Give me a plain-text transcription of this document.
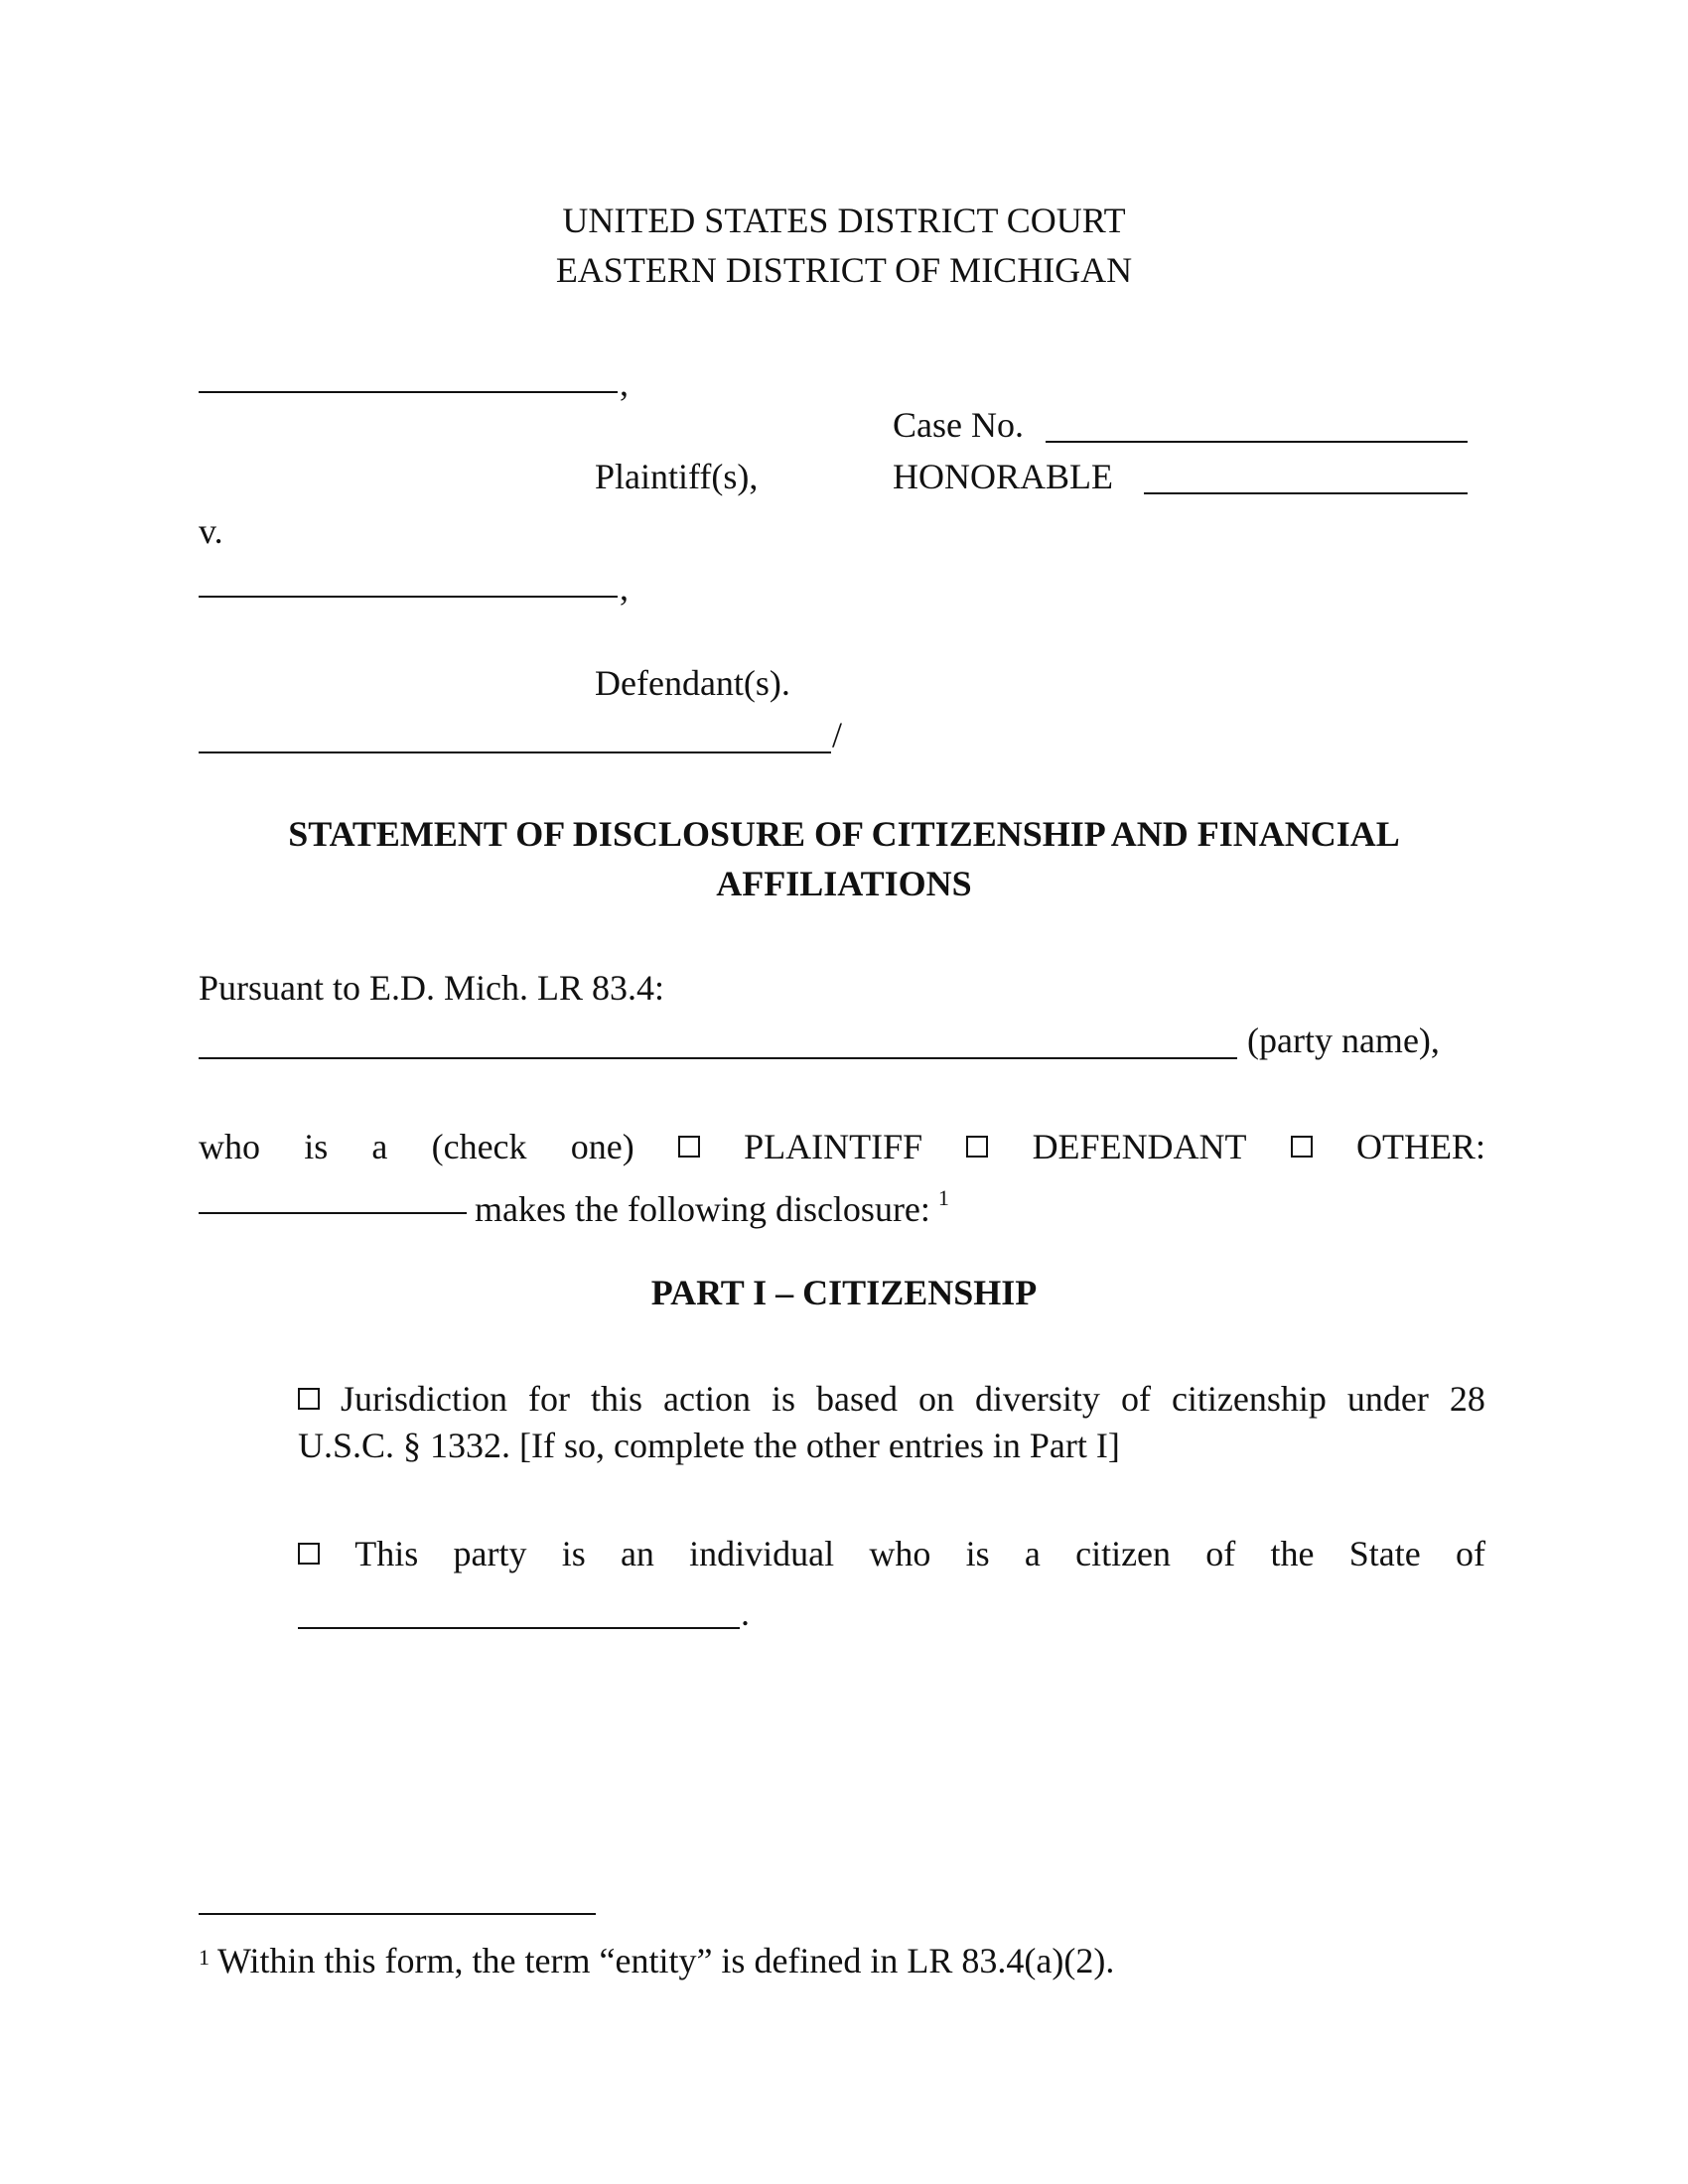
UNITED STATES DISTRICT COURT
EASTERN DISTRICT OF MICHIGAN
,
Case No.
Plaintiff(s),	HONORABLE
v.
,
Defendant(s).
/
STATEMENT OF DISCLOSURE OF CITIZENSHIP AND FINANCIAL
AFFILIATIONS
Pursuant to E.D. Mich. LR 83.4:
(party name),
who is a (check one)	PLAINTIFF	DEFENDANT	OTHER:
makes the following disclosure: $^1$
PART I – CITIZENSHIP
Jurisdiction for this action is based on diversity of citizenship under 28
U.S.C. § 1332. [If so, complete the other entries in Part I]
This party is an individual who is a citizen of the State of
.
$^1$ Within this form, the term “entity” is defined in LR 83.4(a)(2).
